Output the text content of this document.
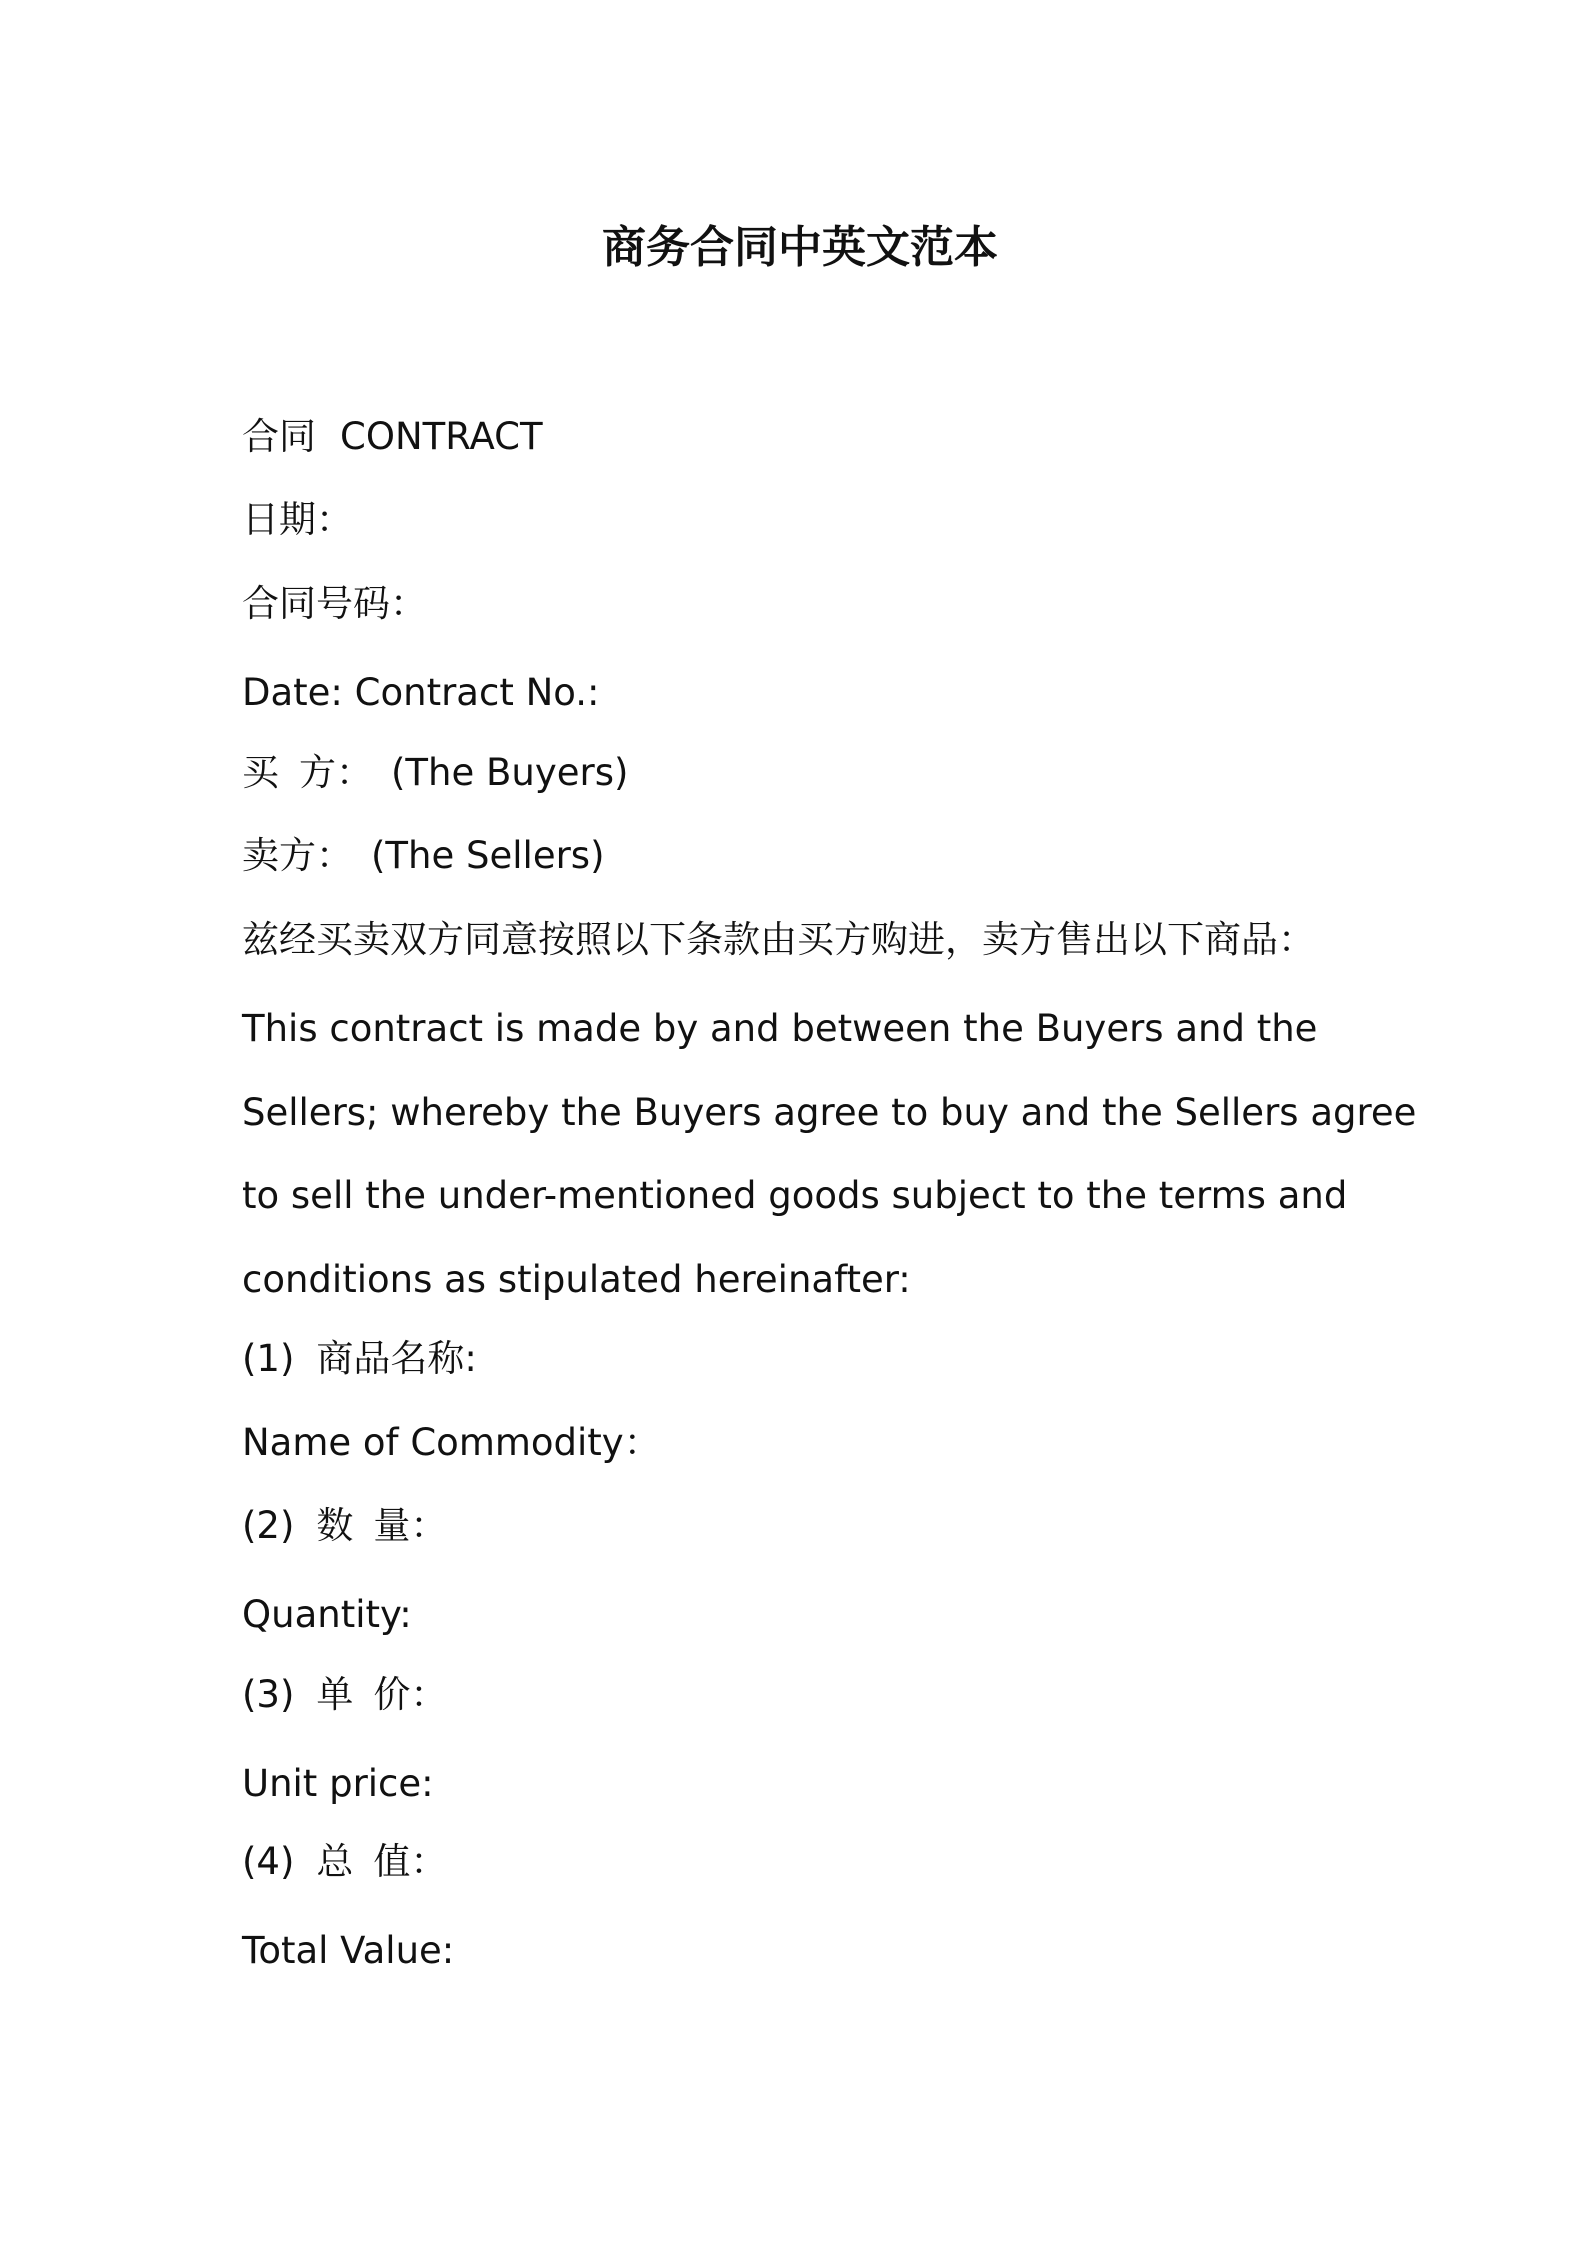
商务合同中英文范本
合同 CONTRACT
日期：
合同号码：
Date: Contract No.:
买 方： (The Buyers)
卖方： (The Sellers)
兹经买卖双方同意按照以下条款由买方购进，卖方售出以下商品：
This contract is made by and between the Buyers and the
Sellers; whereby the Buyers agree to buy and the Sellers agree
to sell the under-mentioned goods subject to the terms and
conditions as stipulated hereinafter:
(1) 商品名称:
Name of Commodity：
(2) 数 量：
Quantity:
(3) 单 价：
Unit price:
(4) 总 值：
Total Value:
